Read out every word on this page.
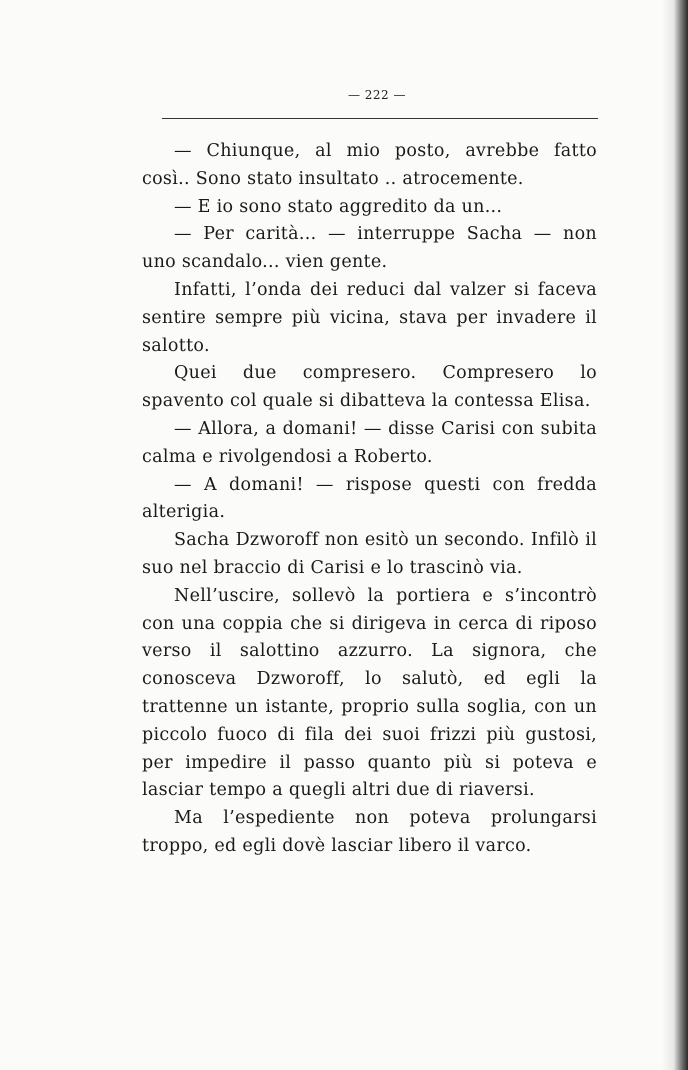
— 222 —

— Chiunque, al mio posto, avrebbe fatto così.. Sono stato insultato .. atrocemente.

— E io sono stato aggredito da un...

— Per carità... — interruppe Sacha — non uno scandalo... vien gente.

Infatti, l’onda dei reduci dal valzer si faceva sentire sempre più vicina, stava per invadere il salotto.

Quei due compresero. Compresero lo spavento col quale si dibatteva la contessa Elisa.

— Allora, a domani! — disse Carisi con subita calma e rivolgendosi a Roberto.

— A domani! — rispose questi con fredda alterigia.

Sacha Dzworoff non esitò un secondo. Infilò il suo nel braccio di Carisi e lo trascinò via.

Nell’uscire, sollevò la portiera e s’incontrò con una coppia che si dirigeva in cerca di riposo verso il salottino azzurro. La signora, che conosceva Dzworoff, lo salutò, ed egli la trattenne un istante, proprio sulla soglia, con un piccolo fuoco di fila dei suoi frizzi più gustosi, per impedire il passo quanto più si poteva e lasciar tempo a quegli altri due di riaversi.

Ma l’espediente non poteva prolungarsi troppo, ed egli dovè lasciar libero il varco.
